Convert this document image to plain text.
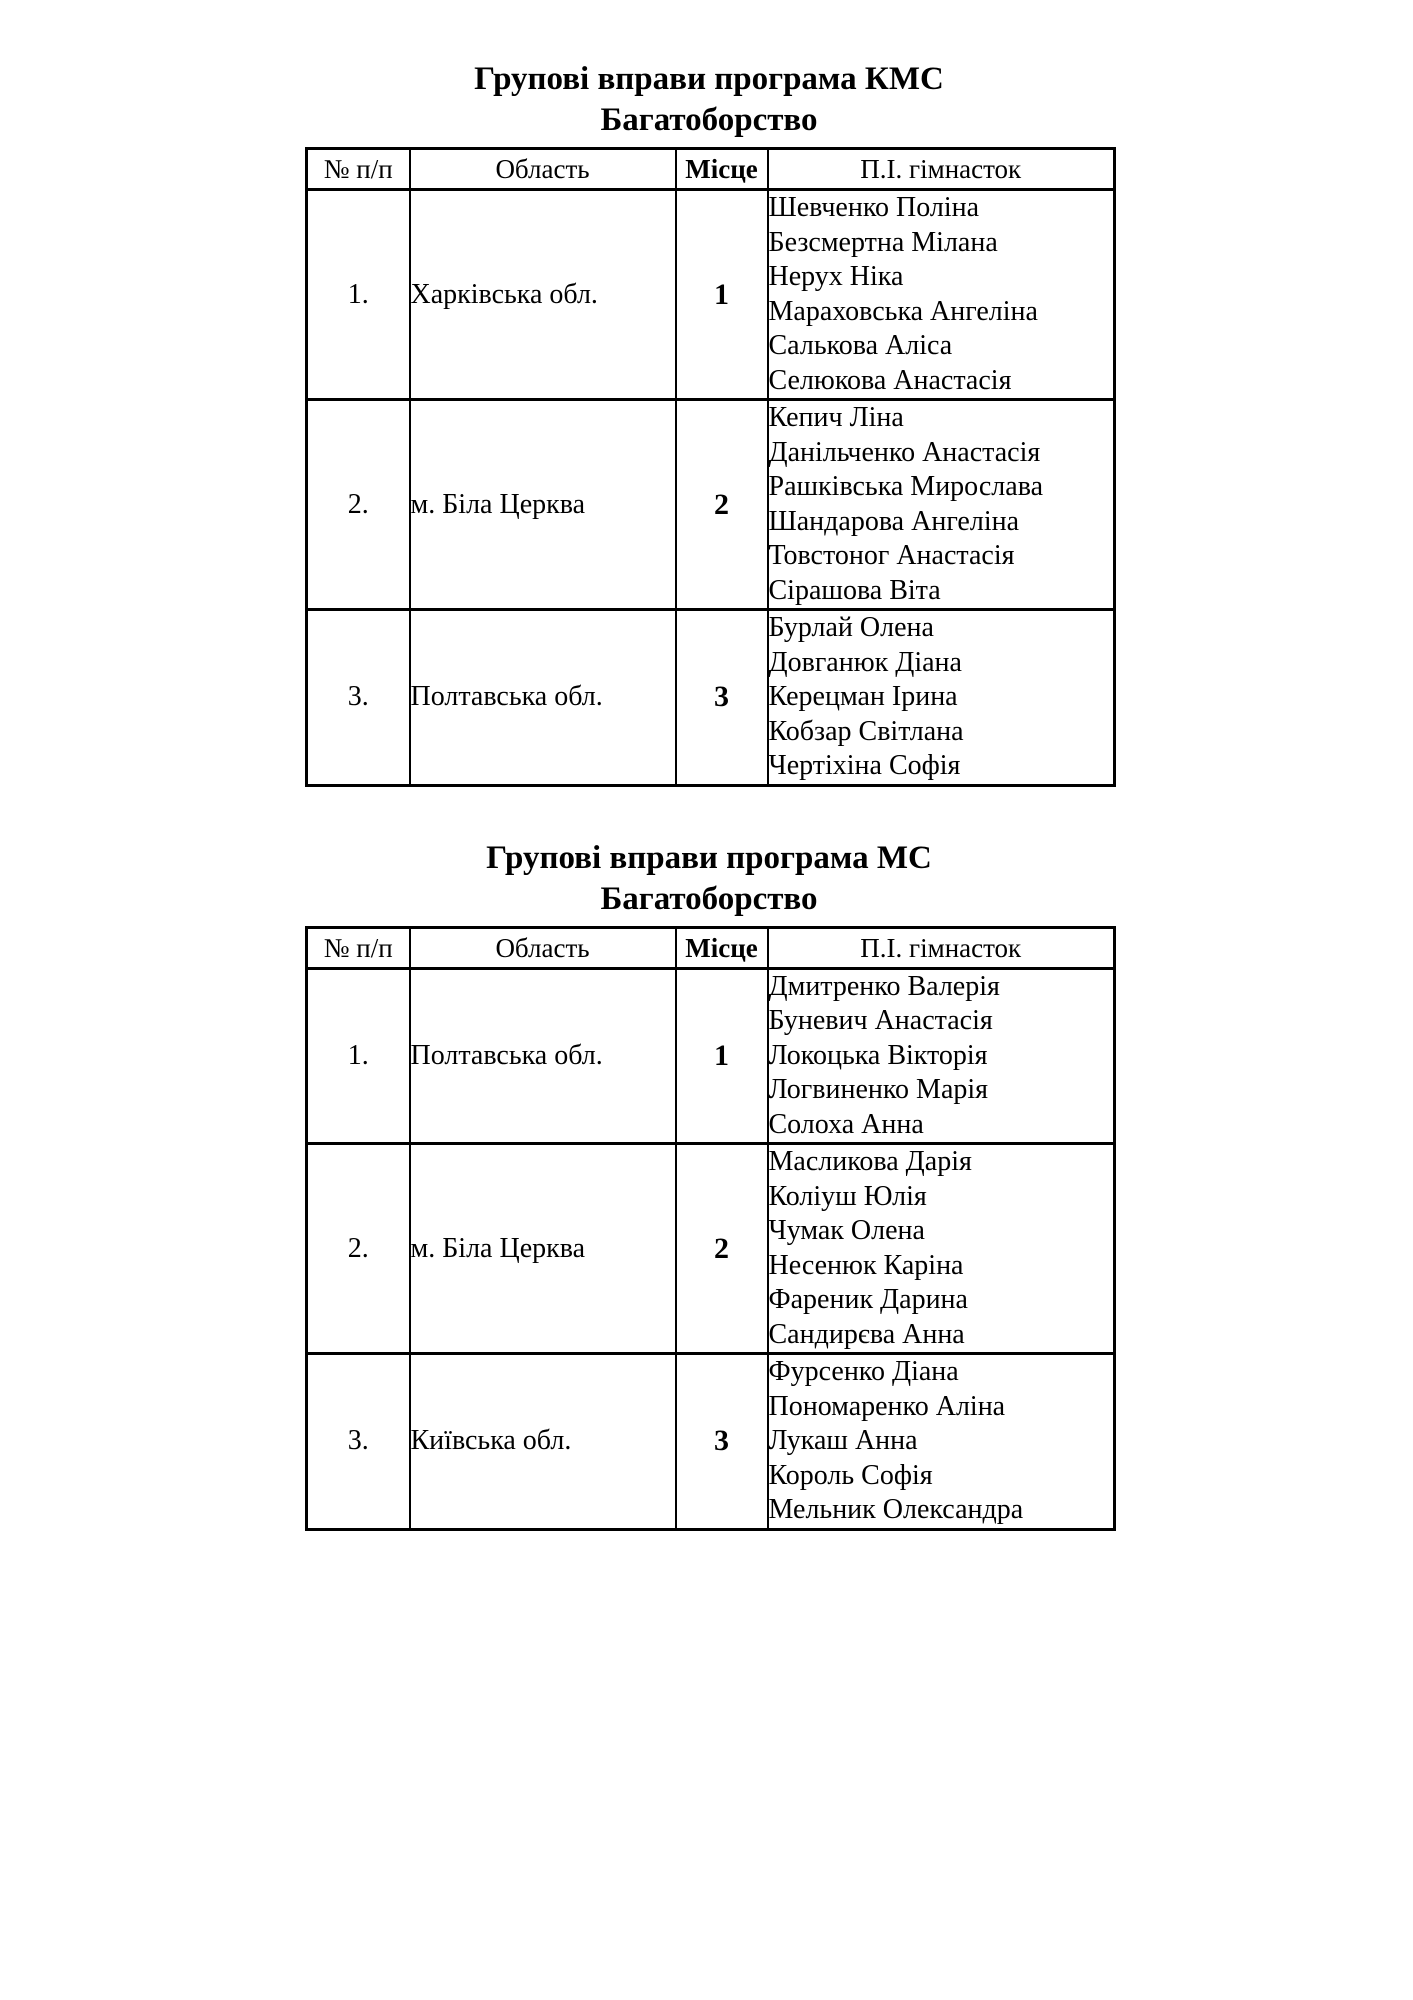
Групові вправи програма КМС
Багатоборство
№ п/п	Область	Місце	П.І. гімнасток
1.	Харківська обл.	1	
Шевченко Поліна
Безсмертна Мілана
Нерух Ніка
Мараховська Ангеліна
Салькова Аліса
Селюкова Анастасія

2.	м. Біла Церква	2	
Кепич Ліна
Данільченко Анастасія
Рашківська Мирослава
Шандарова Ангеліна
Товстоног Анастасія
Сірашова Віта

3.	Полтавська обл.	3	Бурлай Олена
Довганюк Діана
Керецман Ірина
Кобзар Світлана
Чертіхіна Софія
Групові вправи програма МС
Багатоборство
№ п/п	Область	Місце	П.І. гімнасток
1.	Полтавська обл.	1	Дмитренко Валерія
Буневич Анастасія
Локоцька Вікторія
Логвиненко Марія
Солоха Анна

2.	м. Біла Церква	2	
Масликова Дарія
Коліуш Юлія
Чумак Олена
Несенюк Каріна
Фареник Дарина
Сандирєва Анна

3.	Київська обл.	3	Фурсенко Діана
Пономаренко Аліна
Лукаш Анна
Король Софія
Мельник Олександра
